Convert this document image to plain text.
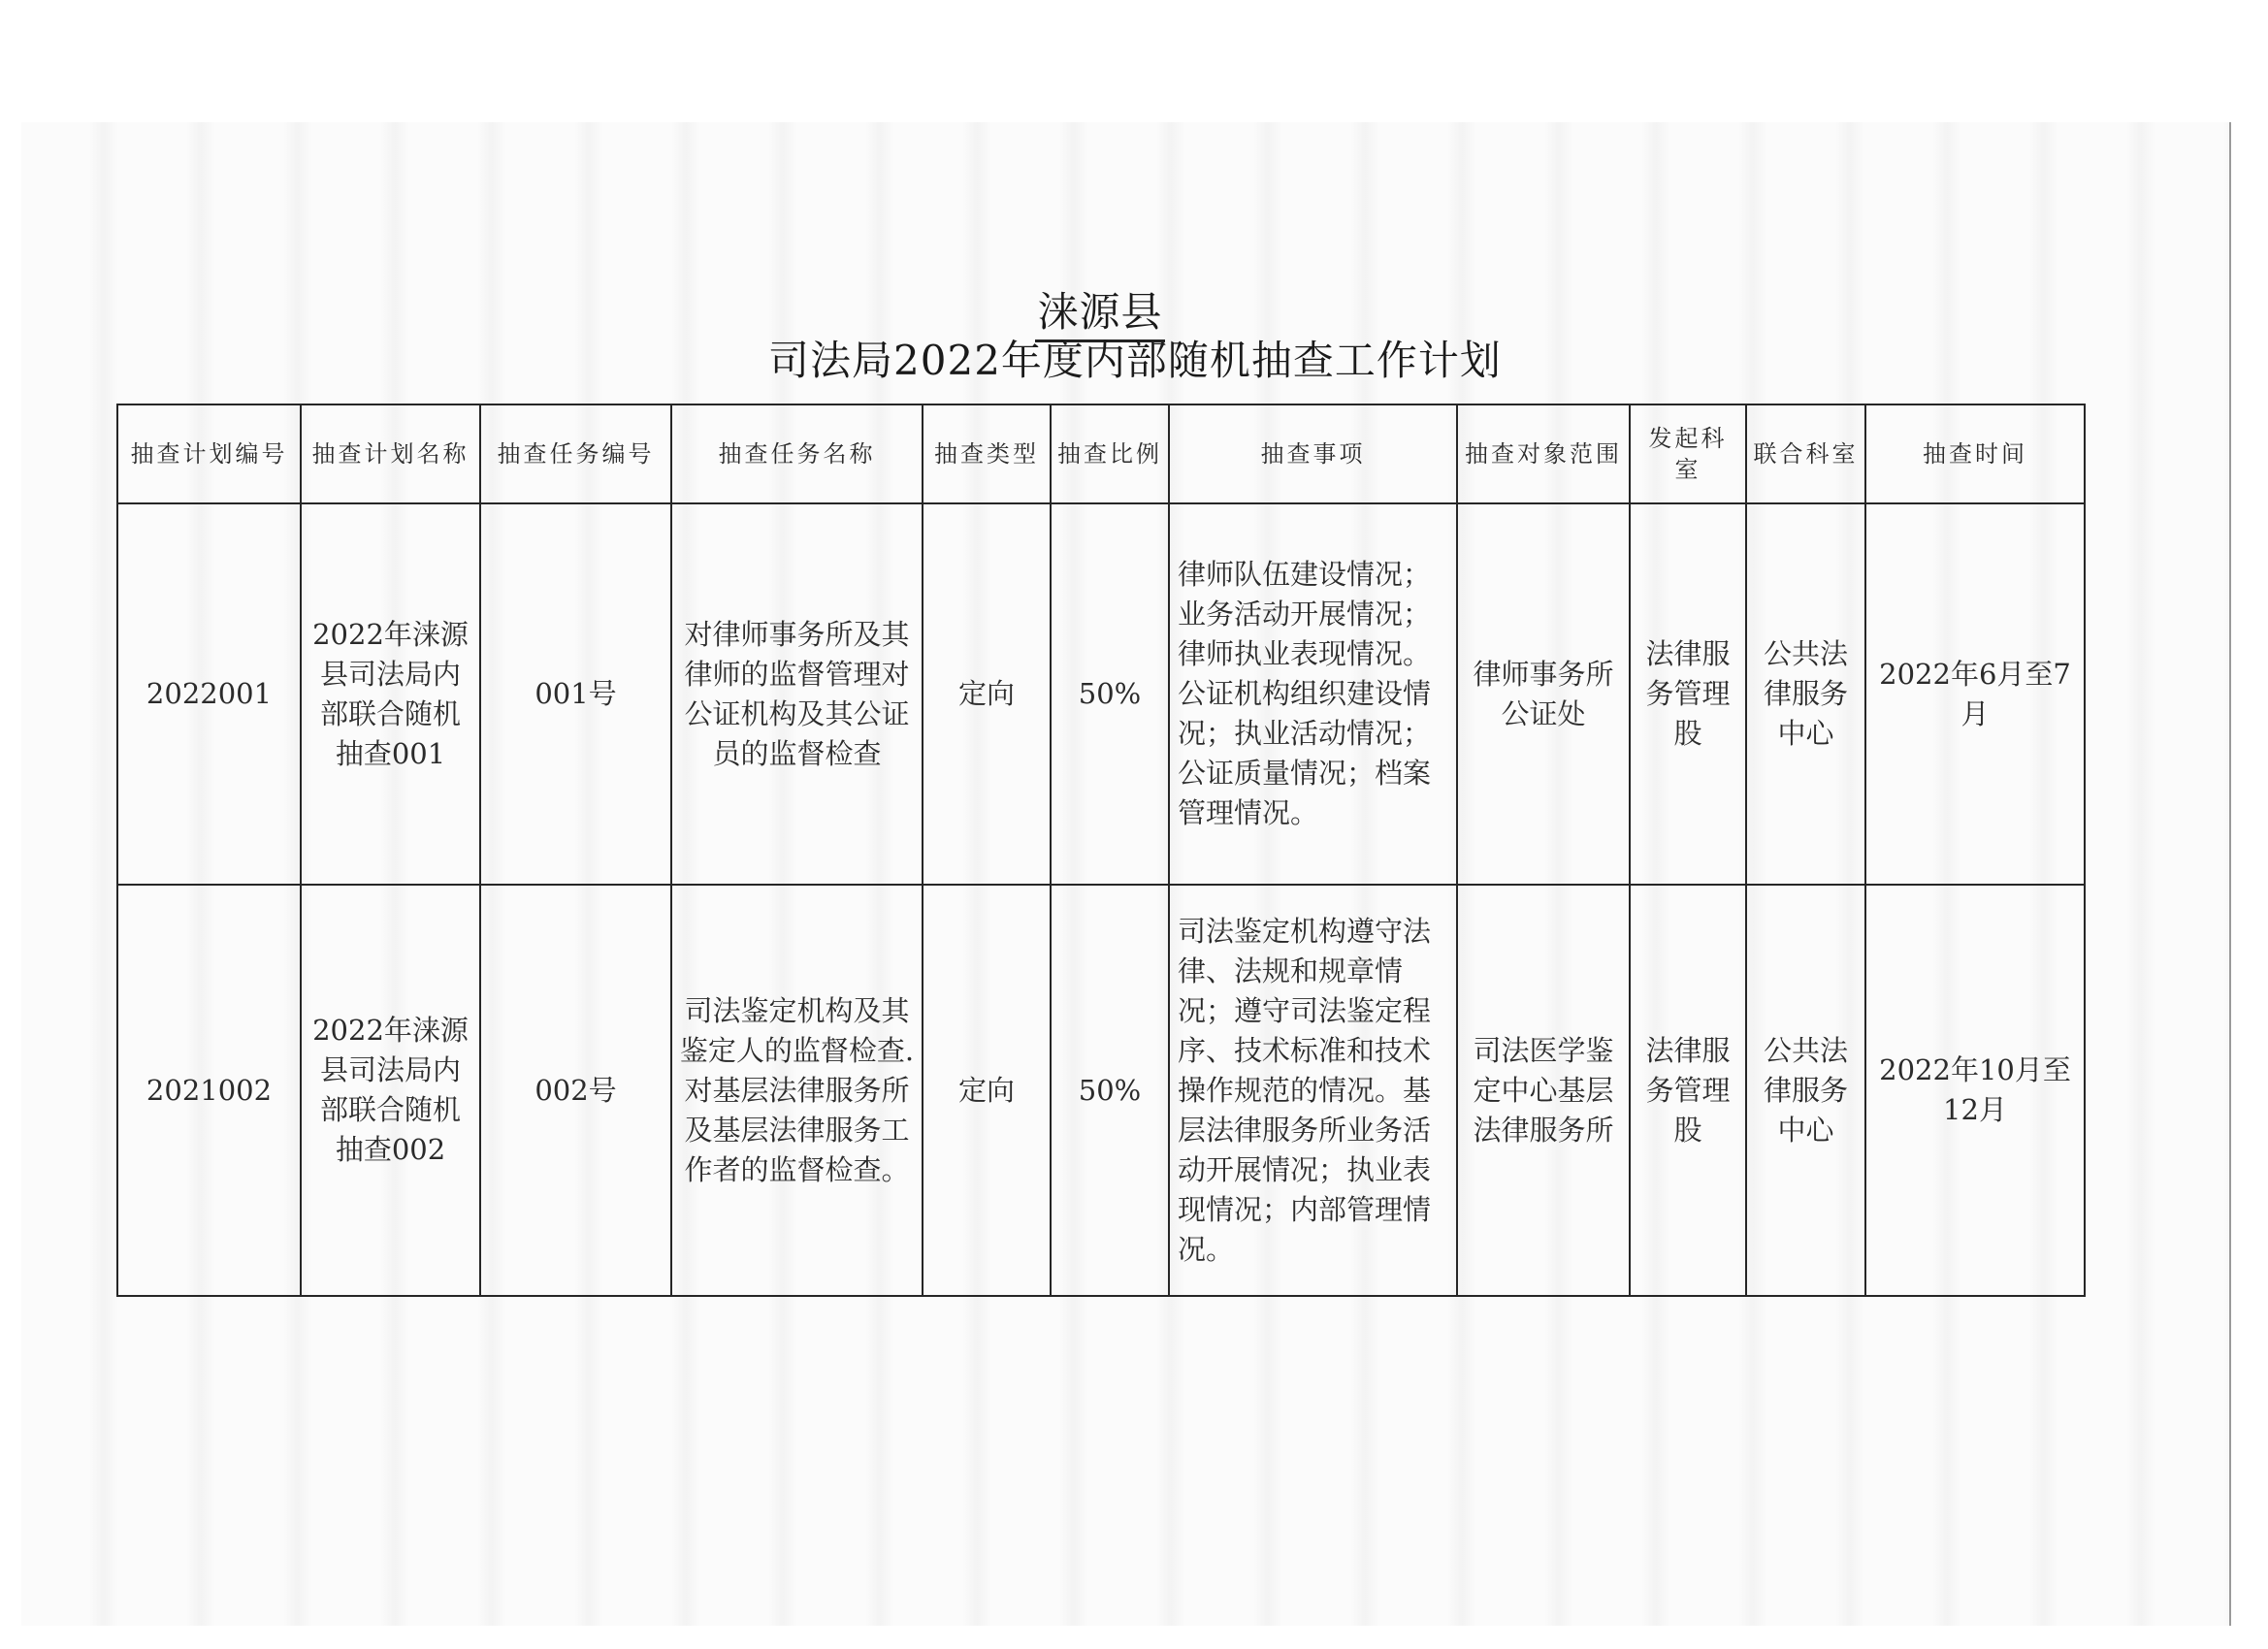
涞源县
司法局2022年度内部随机抽查工作计划
抽查计划编号	抽查计划名称	抽查任务编号	抽查任务名称	抽查类型	抽查比例	抽查事项	抽查对象范围	发起科室	联合科室	抽查时间
2022001	2022年涞源县司法局内部联合随机抽查001	001号	对律师事务所及其律师的监督管理对公证机构及其公证员的监督检查	定向	50%	律师队伍建设情况；业务活动开展情况；律师执业表现情况。公证机构组织建设情况；执业活动情况；公证质量情况；档案管理情况。	律师事务所公证处	法律服务管理股	公共法律服务中心	2022年6月至7月
2021002	2022年涞源县司法局内部联合随机抽查002	002号	司法鉴定机构及其鉴定人的监督检查.对基层法律服务所及基层法律服务工作者的监督检查。	定向	50%	司法鉴定机构遵守法律、法规和规章情况；遵守司法鉴定程序、技术标准和技术操作规范的情况。基层法律服务所业务活动开展情况；执业表现情况；内部管理情况。	司法医学鉴定中心基层法律服务所	法律服务管理股	公共法律服务中心	2022年10月至12月
